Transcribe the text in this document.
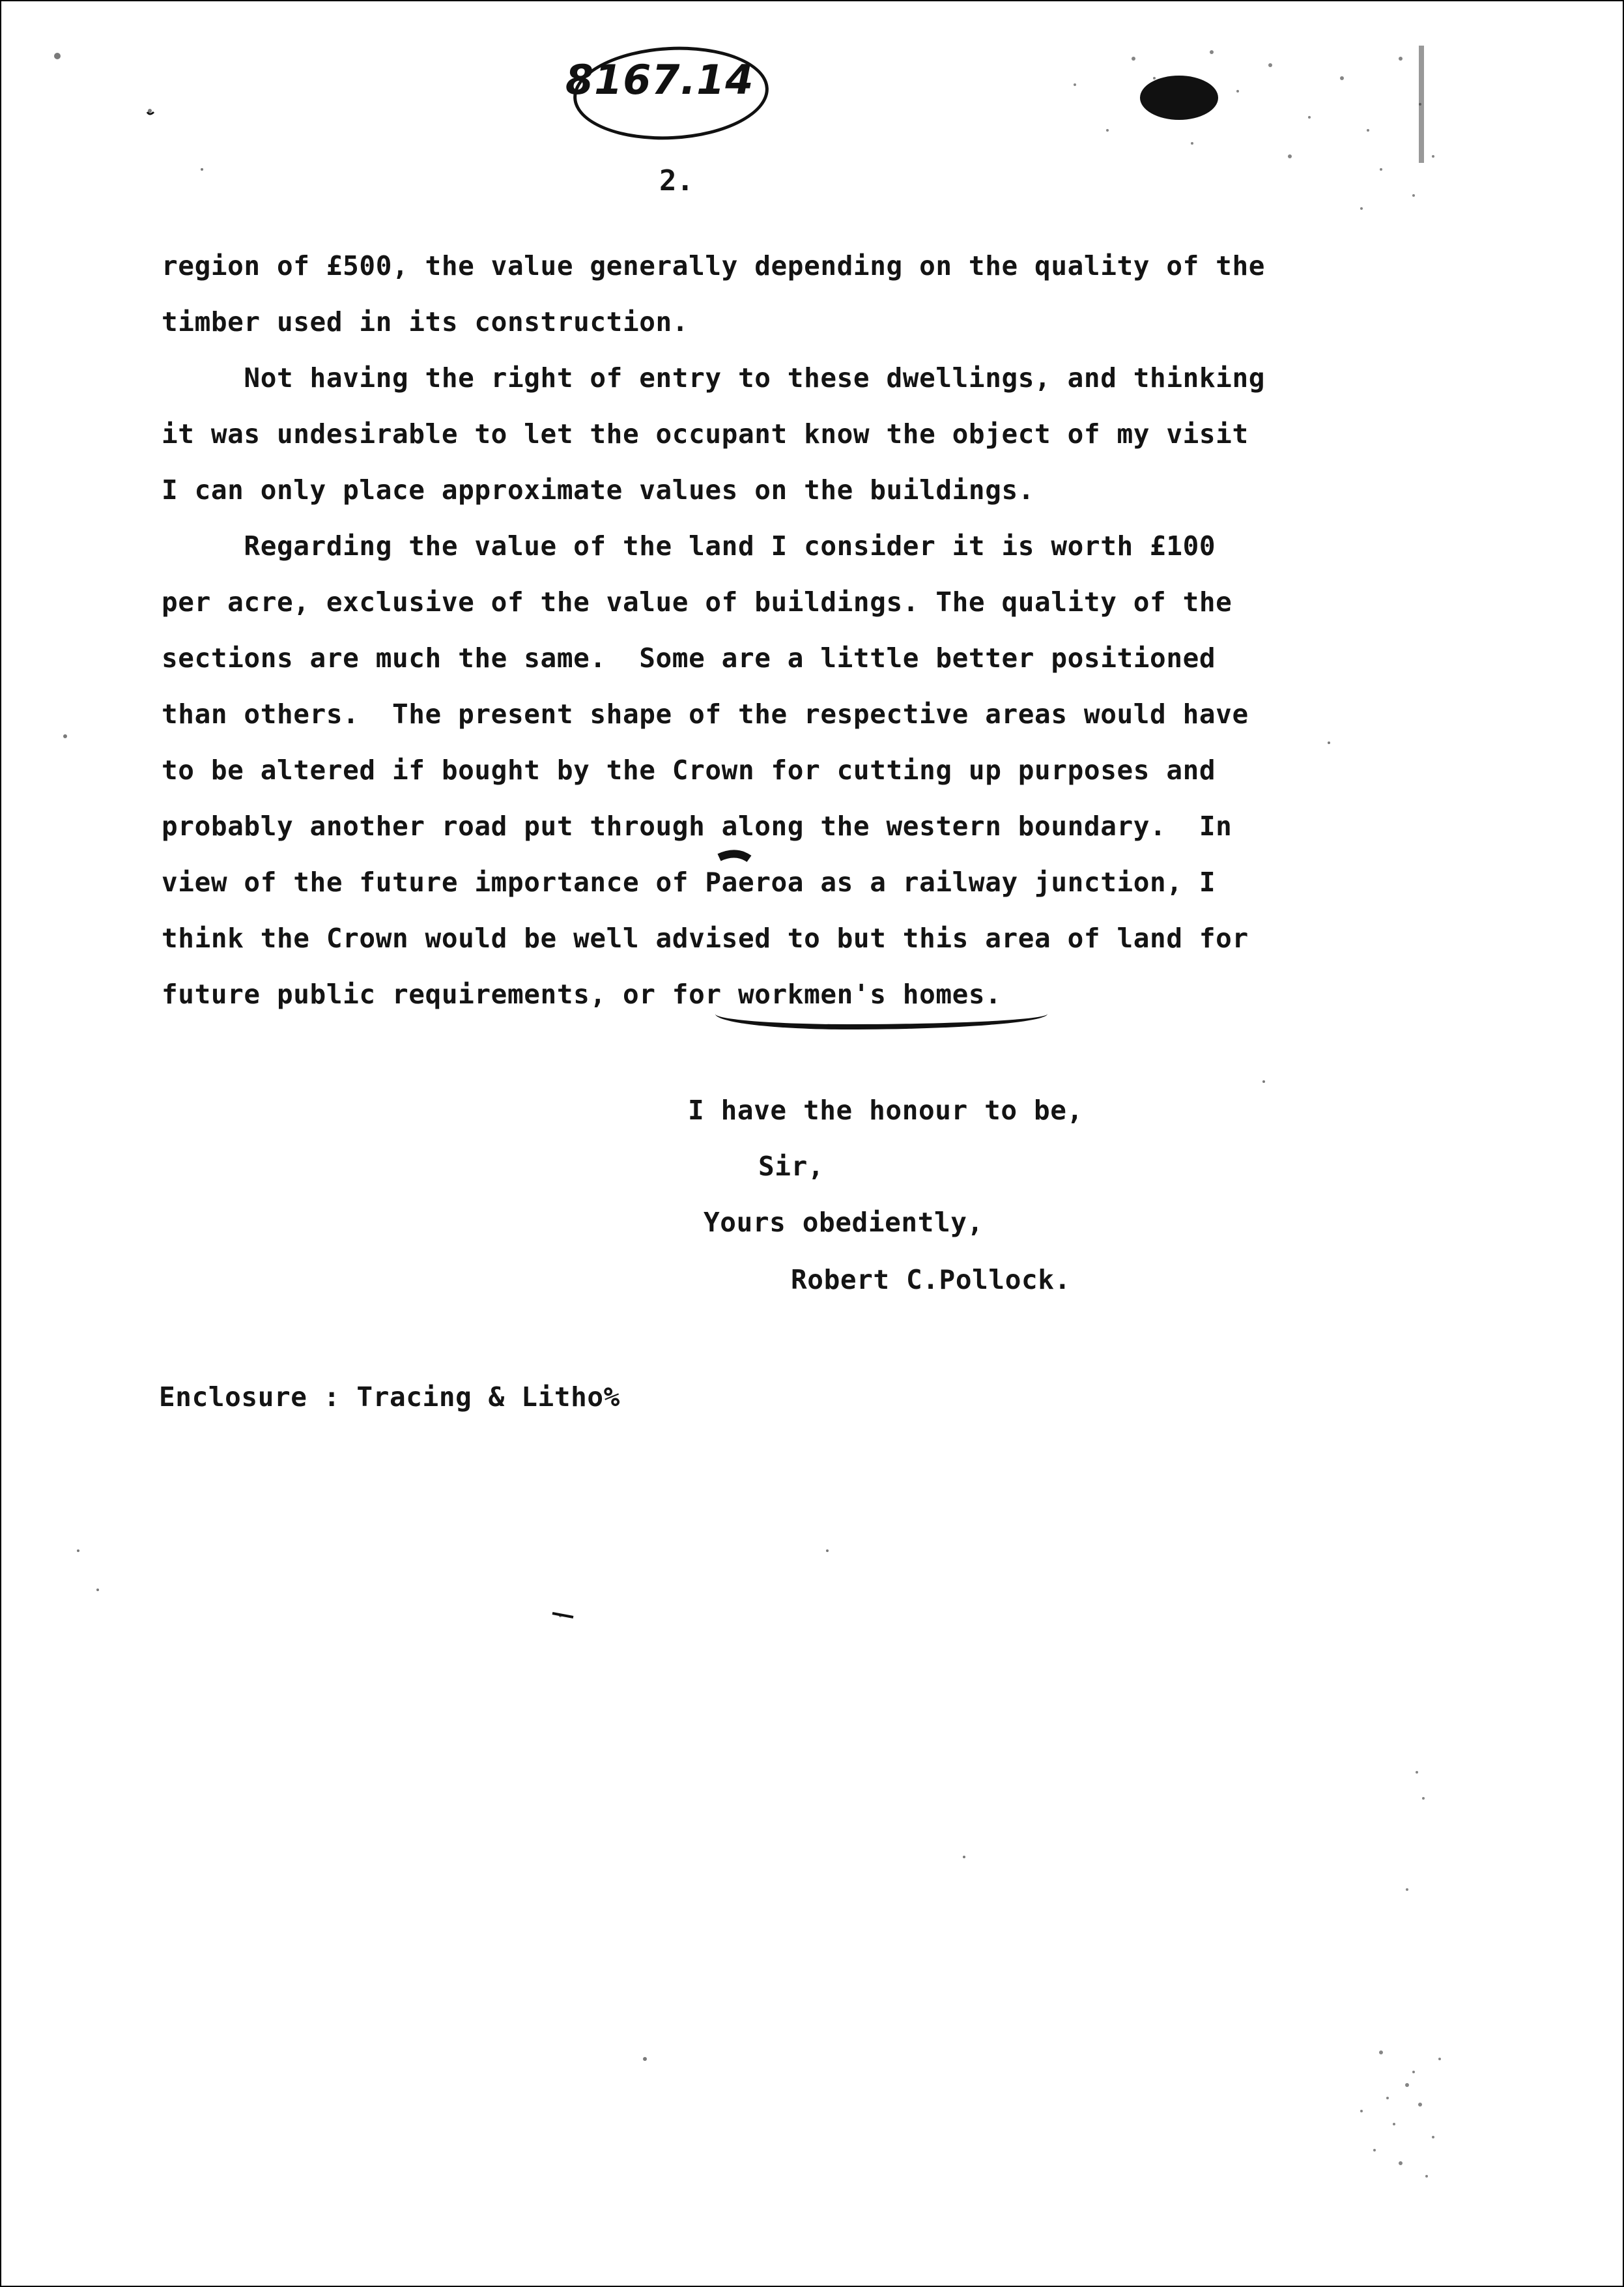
8167.14
2.
region of £500, the value generally depending on the quality of the
timber used in its construction.
Not having the right of entry to these dwellings, and thinking
it was undesirable to let the occupant know the object of my visit
I can only place approximate values on the buildings.
Regarding the value of the land I consider it is worth £100
per acre, exclusive of the value of buildings. The quality of the
sections are much the same.  Some are a little better positioned
than others.  The present shape of the respective areas would have
to be altered if bought by the Crown for cutting up purposes and
probably another road put through along the western boundary.  In
view of the future importance of Paeroa as a railway junction, I
think the Crown would be well advised to but this area of land for
future public requirements, or for workmen's homes.
I have the honour to be,
Sir,
Yours obediently,
Robert C.Pollock.
Enclosure : Tracing & Litho%
